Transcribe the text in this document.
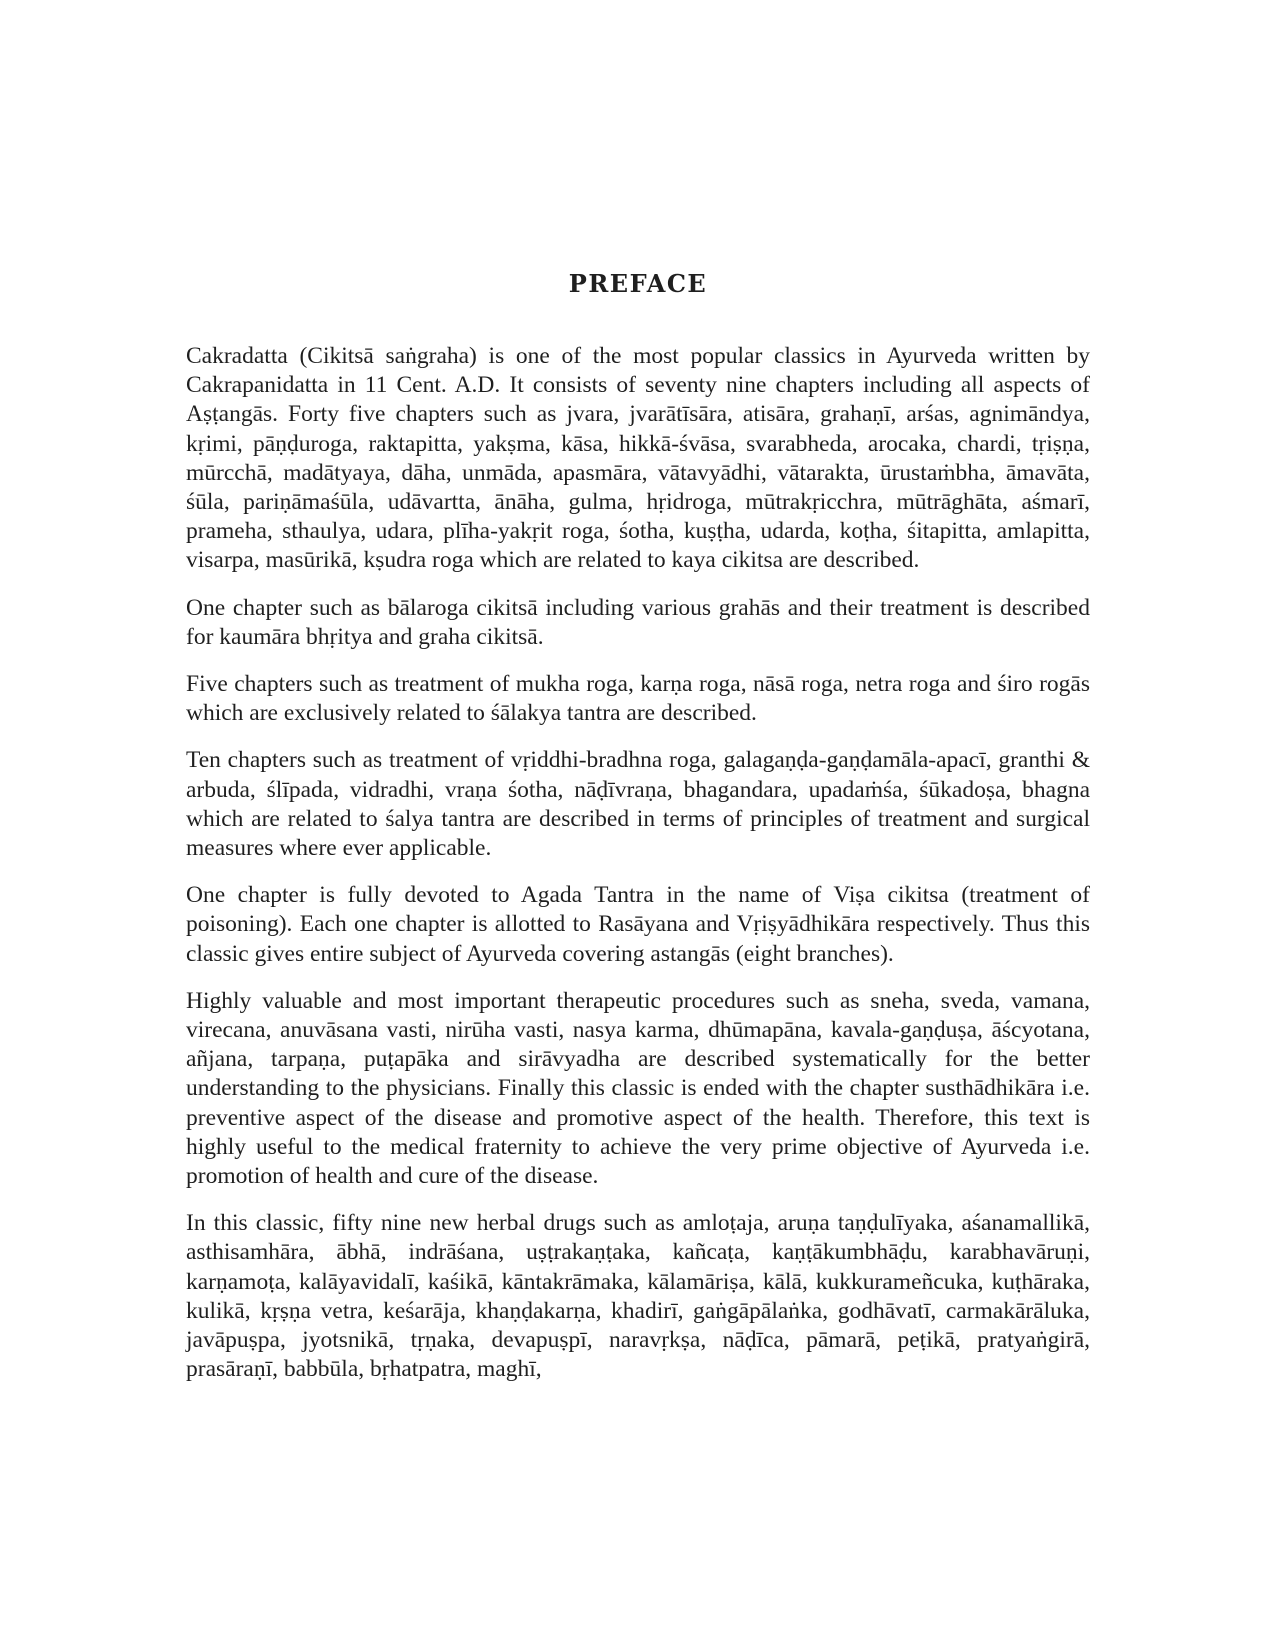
PREFACE

Cakradatta (Cikitsā saṅgraha) is one of the most popular classics in Ayurveda written by Cakrapanidatta in 11 Cent. A.D. It consists of seventy nine chapters including all aspects of Aṣṭangās. Forty five chapters such as jvara, jvarātīsāra, atisāra, grahaṇī, arśas, agnimāndya, kṛimi, pāṇḍuroga, raktapitta, yakṣma, kāsa, hikkā-śvāsa, svarabheda, arocaka, chardi, tṛiṣṇa, mūrcchā, madātyaya, dāha, unmāda, apasmāra, vātavyādhi, vātarakta, ūrustaṁbha, āmavāta, śūla, pariṇāmaśūla, udāvartta, ānāha, gulma, hṛidroga, mūtrakṛicchra, mūtrāghāta, aśmarī, prameha, sthaulya, udara, plīha-yakṛit roga, śotha, kuṣṭha, udarda, koṭha, śitapitta, amlapitta, visarpa, masūrikā, kṣudra roga which are related to kaya cikitsa are described.

One chapter such as bālaroga cikitsā including various grahās and their treatment is described for kaumāra bhṛitya and graha cikitsā.

Five chapters such as treatment of mukha roga, karṇa roga, nāsā roga, netra roga and śiro rogās which are exclusively related to śālakya tantra are described.

Ten chapters such as treatment of vṛiddhi-bradhna roga, galagaṇḍa-gaṇḍamāla-apacī, granthi & arbuda, ślīpada, vidradhi, vraṇa śotha, nāḍīvraṇa, bhagandara, upadaṁśa, śūkadoṣa, bhagna which are related to śalya tantra are described in terms of principles of treatment and surgical measures where ever applicable.

One chapter is fully devoted to Agada Tantra in the name of Viṣa cikitsa (treatment of poisoning). Each one chapter is allotted to Rasāyana and Vṛiṣyādhikāra respectively. Thus this classic gives entire subject of Ayurveda covering astangās (eight branches).

Highly valuable and most important therapeutic procedures such as sneha, sveda, vamana, virecana, anuvāsana vasti, nirūha vasti, nasya karma, dhūmapāna, kavala-gaṇḍuṣa, āścyotana, añjana, tarpaṇa, puṭapāka and sirāvyadha are described systematically for the better understanding to the physicians. Finally this classic is ended with the chapter susthādhikāra i.e. preventive aspect of the disease and promotive aspect of the health. Therefore, this text is highly useful to the medical fraternity to achieve the very prime objective of Ayurveda i.e. promotion of health and cure of the disease.

In this classic, fifty nine new herbal drugs such as amloṭaja, aruṇa taṇḍulīyaka, aśanamallikā, asthisamhāra, ābhā, indrāśana, uṣṭrakaṇṭaka, kañcaṭa, kaṇṭākumbhāḍu, karabhavāruṇi, karṇamoṭa, kalāyavidalī, kaśikā, kāntakrāmaka, kālamāriṣa, kālā, kukkurameñcuka, kuṭhāraka, kulikā, kṛṣṇa vetra, keśarāja, khaṇḍakarṇa, khadirī, gaṅgāpālaṅka, godhāvatī, carmakārāluka, javāpuṣpa, jyotsnikā, tṛṇaka, devapuṣpī, naravṛkṣa, nāḍīca, pāmarā, peṭikā, pratyaṅgirā, prasāraṇī, babbūla, bṛhatpatra, maghī,
